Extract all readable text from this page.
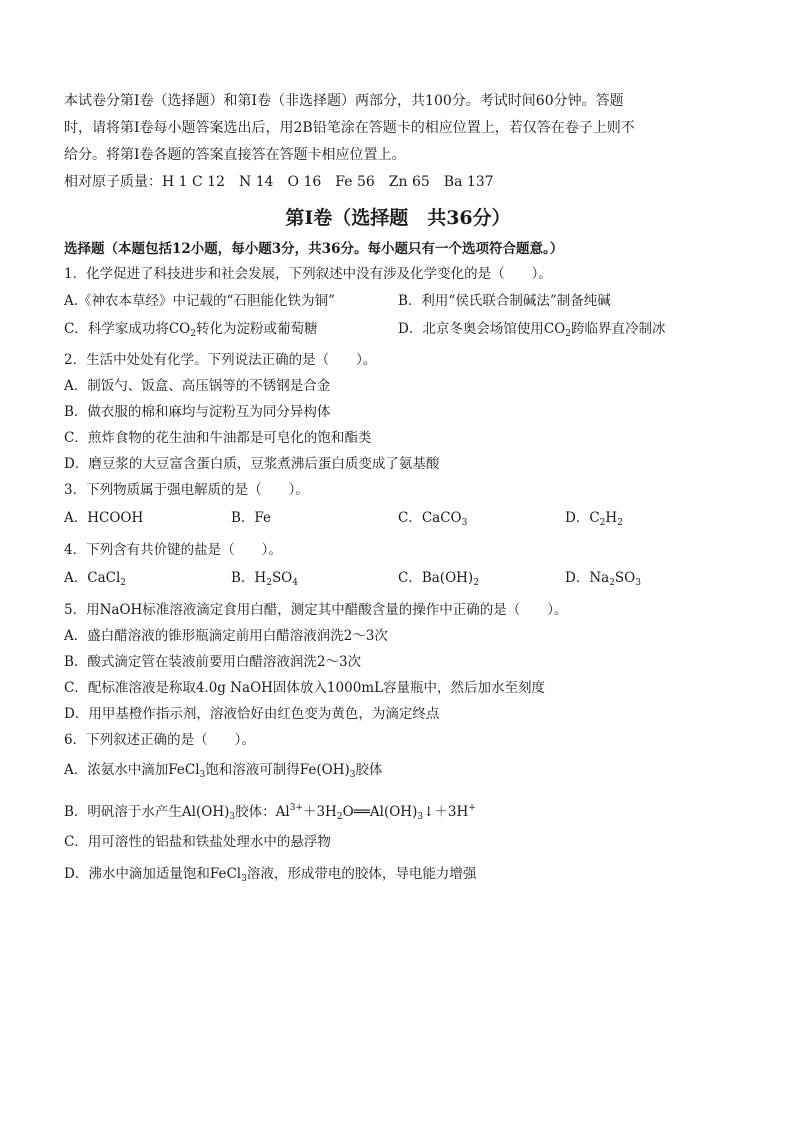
本试卷分第Ⅰ卷（选择题）和第Ⅰ卷（非选择题）两部分，共100分。考试时间60分钟。答题

时，请将第Ⅰ卷每小题答案选出后，用2B铅笔涂在答题卡的相应位置上，若仅答在卷子上则不

给分。将第Ⅰ卷各题的答案直接答在答题卡相应位置上。

相对原子质量：H 1 C 12 N 14 O 16 Fe 56 Zn 65 Ba 137
第Ⅰ卷（选择题　共36分）
选择题（本题包括12小题，每小题3分，共36分。每小题只有一个选项符合题意。）

1．化学促进了科技进步和社会发展，下列叙述中没有涉及化学变化的是（　　）。

A.《神农本草经》中记载的“石胆能化铁为铜”	B．利用“侯氏联合制碱法”制备纯碱
C．科学家成功将$CO_2$转化为淀粉或葡萄糖	D．北京冬奥会场馆使用$CO_2$跨临界直冷制冰

2．生活中处处有化学。下列说法正确的是（　　）。

A．制饭勺、饭盒、高压锅等的不锈钢是合金

B．做衣服的棉和麻均与淀粉互为同分异构体

C．煎炸食物的花生油和牛油都是可皂化的饱和酯类

D．磨豆浆的大豆富含蛋白质，豆浆煮沸后蛋白质变成了氨基酸

3．下列物质属于强电解质的是（　　）。

A．HCOOH	B．Fe	C．CaCO$_3$	D．$C_2H_2$

4．下列含有共价键的盐是（　　）。

A．CaCl$_2$	B．$H_2SO_4$	C．$Ba(OH)_2$	D．$Na_2SO_3$

5．用NaOH标准溶液滴定食用白醋，测定其中醋酸含量的操作中正确的是（　　）。

A．盛白醋溶液的锥形瓶滴定前用白醋溶液润洗2～3次

B．酸式滴定管在装液前要用白醋溶液润洗2～3次

C．配标准溶液是称取4.0g NaOH固体放入1000mL容量瓶中，然后加水至刻度

D．用甲基橙作指示剂，溶液恰好由红色变为黄色，为滴定终点

6．下列叙述正确的是（　　）。

A．浓氨水中滴加FeCl$_3$饱和溶液可制得$Fe(OH)_3$胶体

B．明矾溶于水产生$Al(OH)_3$胶体：$Al^{3+}+3H_2O══Al(OH)_3↓+3H^+$

C．用可溶性的铝盐和铁盐处理水中的悬浮物

D．沸水中滴加适量饱和FeCl$_3$溶液，形成带电的胶体，导电能力增强
